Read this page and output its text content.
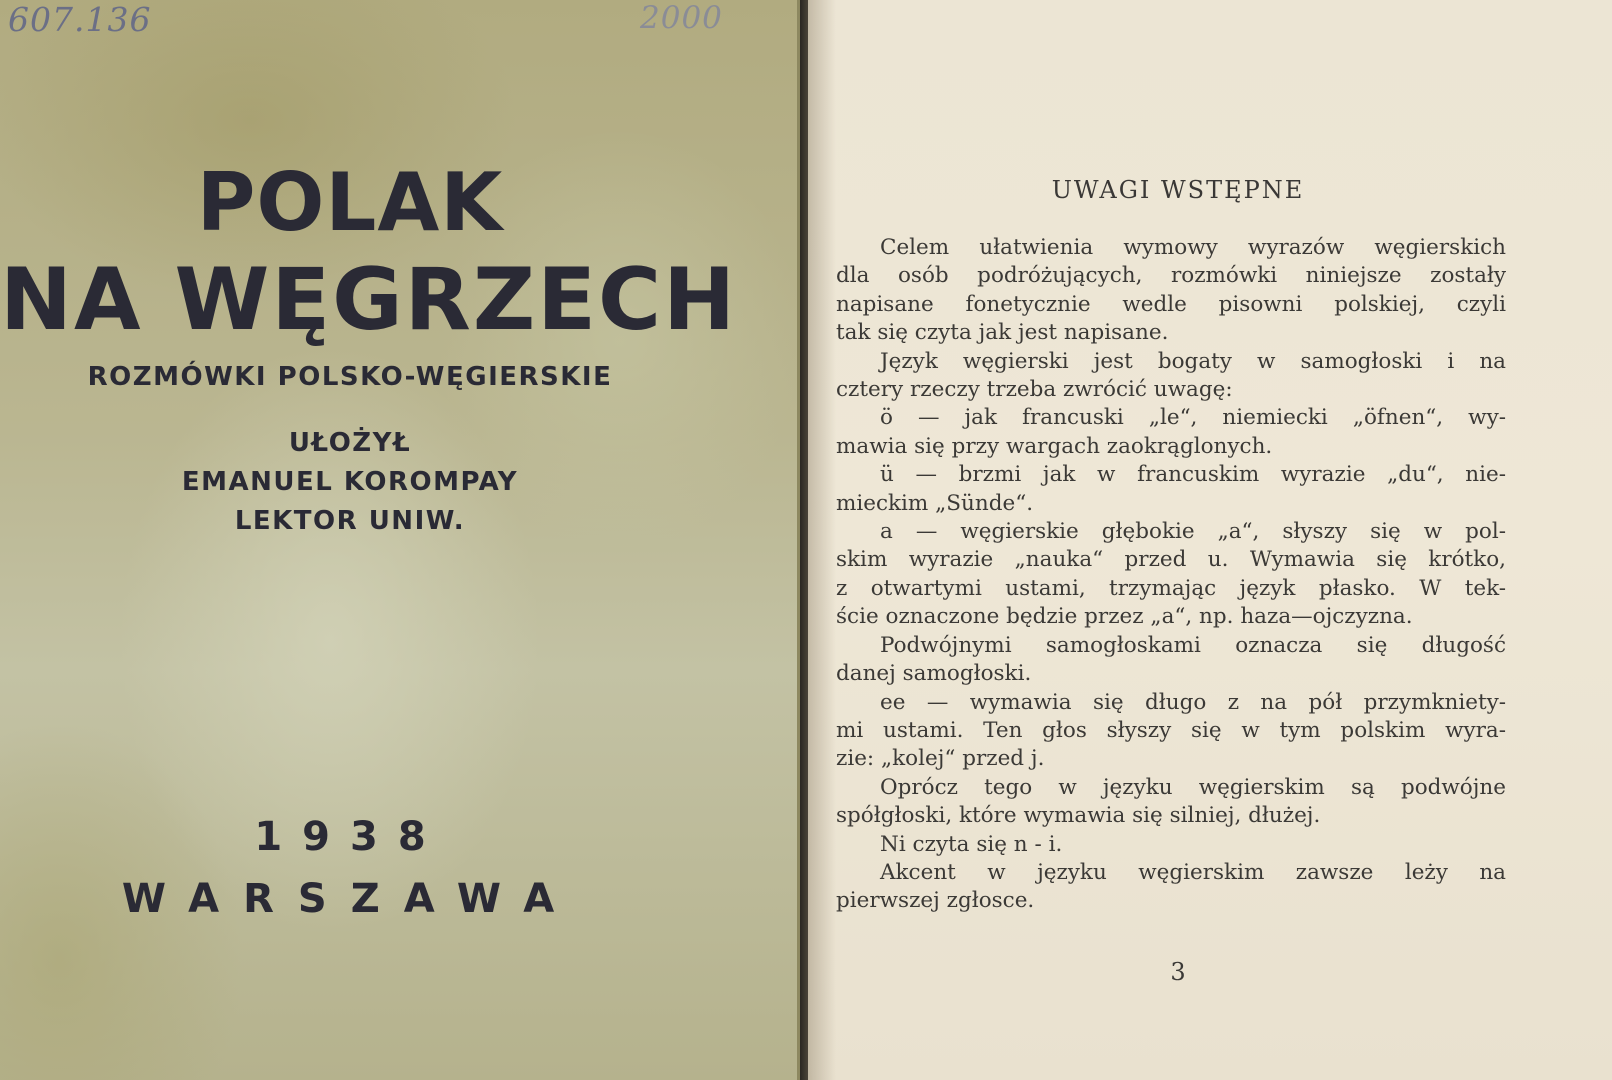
607.136	2000
POLAK
NA WĘGRZECH
ROZMÓWKI POLSKO-WĘGIERSKIE
UŁOŻYŁ
EMANUEL KOROMPAY
LEKTOR UNIW.
1938
WARSZAWA
UWAGI WSTĘPNE
Celem ułatwienia wymowy wyrazów węgierskich
dla osób podróżujących, rozmówki niniejsze zostały
napisane fonetycznie wedle pisowni polskiej, czyli
tak się czyta jak jest napisane.
Język węgierski jest bogaty w samogłoski i na
cztery rzeczy trzeba zwrócić uwagę:
ö — jak francuski „le“, niemiecki „öfnen“, wy-
mawia się przy wargach zaokrąglonych.
ü — brzmi jak w francuskim wyrazie „du“, nie-
mieckim „Sünde“.
a — węgierskie głębokie „a“, słyszy się w pol-
skim wyrazie „nauka“ przed u. Wymawia się krótko,
z otwartymi ustami, trzymając język płasko. W tek-
ście oznaczone będzie przez „a“, np. haza—ojczyzna.
Podwójnymi samogłoskami oznacza się długość
danej samogłoski.
ee — wymawia się długo z na pół przymkniety-
mi ustami. Ten głos słyszy się w tym polskim wyra-
zie: „kolej“ przed j.
Oprócz tego w języku węgierskim są podwójne
spółgłoski, które wymawia się silniej, dłużej.
Ni czyta się n - i.
Akcent w języku węgierskim zawsze leży na
pierwszej zgłosce.
3
